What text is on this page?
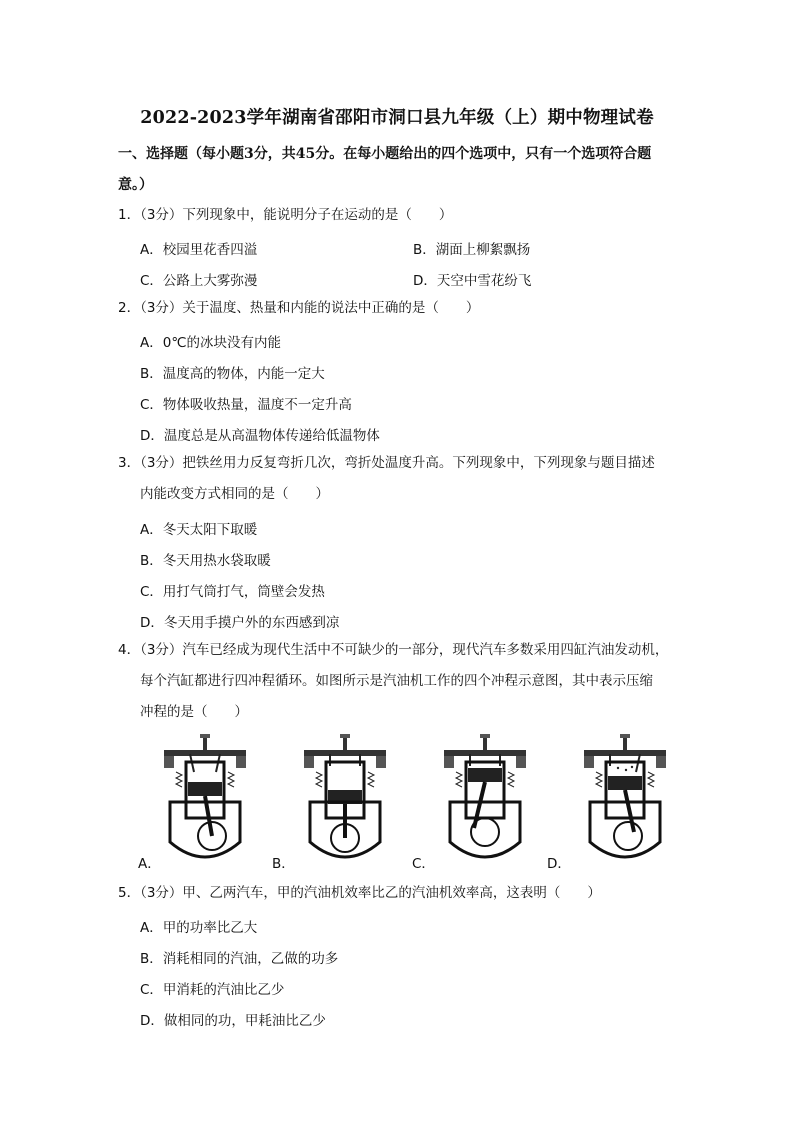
2022-2023学年湖南省邵阳市洞口县九年级（上）期中物理试卷
一、选择题（每小题3分，共45分。在每小题给出的四个选项中，只有一个选项符合题
意。）
1．（3分）下列现象中，能说明分子在运动的是（　　）
A．校园里花香四溢	B．湖面上柳絮飘扬
C．公路上大雾弥漫	D．天空中雪花纷飞
2．（3分）关于温度、热量和内能的说法中正确的是（　　）
A．0℃的冰块没有内能
B．温度高的物体，内能一定大
C．物体吸收热量，温度不一定升高
D．温度总是从高温物体传递给低温物体
3．（3分）把铁丝用力反复弯折几次，弯折处温度升高。下列现象中，下列现象与题目描述
内能改变方式相同的是（　　）
A．冬天太阳下取暖
B．冬天用热水袋取暖
C．用打气筒打气，筒壁会发热
D．冬天用手摸户外的东西感到凉
4．（3分）汽车已经成为现代生活中不可缺少的一部分，现代汽车多数采用四缸汽油发动机，
每个汽缸都进行四冲程循环。如图所示是汽油机工作的四个冲程示意图，其中表示压缩
冲程的是（　　）
A．	B．	C．	D．
5．（3分）甲、乙两汽车，甲的汽油机效率比乙的汽油机效率高，这表明（　　）
A．甲的功率比乙大
B．消耗相同的汽油，乙做的功多
C．甲消耗的汽油比乙少
D．做相同的功，甲耗油比乙少
